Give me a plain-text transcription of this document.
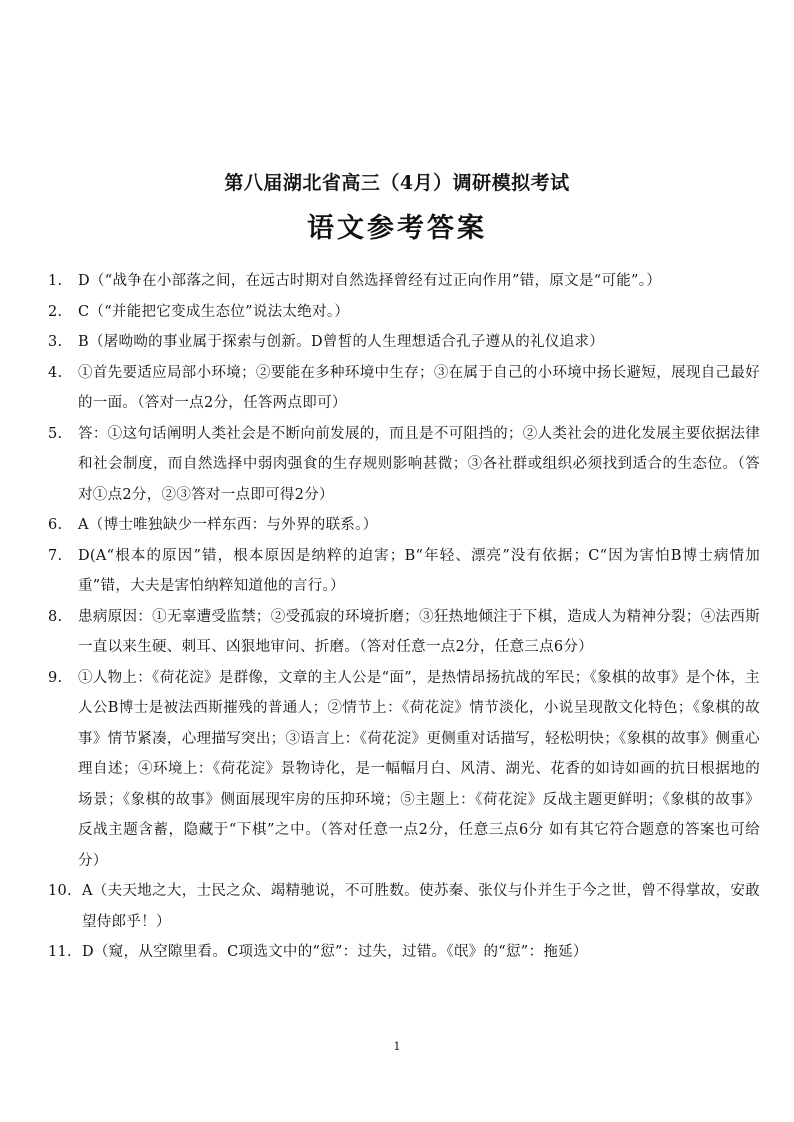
第八届湖北省高三（4月）调研模拟考试
语文参考答案
1. D（“战争在小部落之间，在远古时期对自然选择曾经有过正向作用”错，原文是“可能”。）
2. C（“并能把它变成生态位”说法太绝对。）
3. B（屠呦呦的事业属于探索与创新。D曾皙的人生理想适合孔子遵从的礼仪追求）
4. ①首先要适应局部小环境；②要能在多种环境中生存；③在属于自己的小环境中扬长避短，展现自己最好的一面。（答对一点2分，任答两点即可）
5. 答：①这句话阐明人类社会是不断向前发展的，而且是不可阻挡的；②人类社会的进化发展主要依据法律和社会制度，而自然选择中弱肉强食的生存规则影响甚微；③各社群或组织必须找到适合的生态位。（答对①点2分，②③答对一点即可得2分）
6. A（博士唯独缺少一样东西：与外界的联系。）
7. D(A“根本的原因”错，根本原因是纳粹的迫害；B“年轻、漂亮”没有依据；C“因为害怕B博士病情加重”错，大夫是害怕纳粹知道他的言行。）
8. 患病原因：①无辜遭受监禁；②受孤寂的环境折磨；③狂热地倾注于下棋，造成人为精神分裂；④法西斯一直以来生硬、刺耳、凶狠地审问、折磨。（答对任意一点2分，任意三点6分）
9. ①人物上：《荷花淀》是群像，文章的主人公是“面”，是热情昂扬抗战的军民；《象棋的故事》是个体，主人公B博士是被法西斯摧残的普通人；②情节上：《荷花淀》情节淡化，小说呈现散文化特色；《象棋的故事》情节紧凑，心理描写突出；③语言上：《荷花淀》更侧重对话描写，轻松明快；《象棋的故事》侧重心理自述；④环境上：《荷花淀》景物诗化，是一幅幅月白、风清、湖光、花香的如诗如画的抗日根据地的场景；《象棋的故事》侧面展现牢房的压抑环境；⑤主题上：《荷花淀》反战主题更鲜明；《象棋的故事》反战主题含蓄，隐藏于“下棋”之中。（答对任意一点2分，任意三点6分 如有其它符合题意的答案也可给分）
10. A（夫天地之大，士民之众、竭精驰说，不可胜数。使苏秦、张仪与仆并生于今之世，曾不得掌故，安敢望侍郎乎！）
11. D（窥，从空隙里看。C项选文中的“愆”：过失，过错。《氓》的“愆”：拖延）
1
